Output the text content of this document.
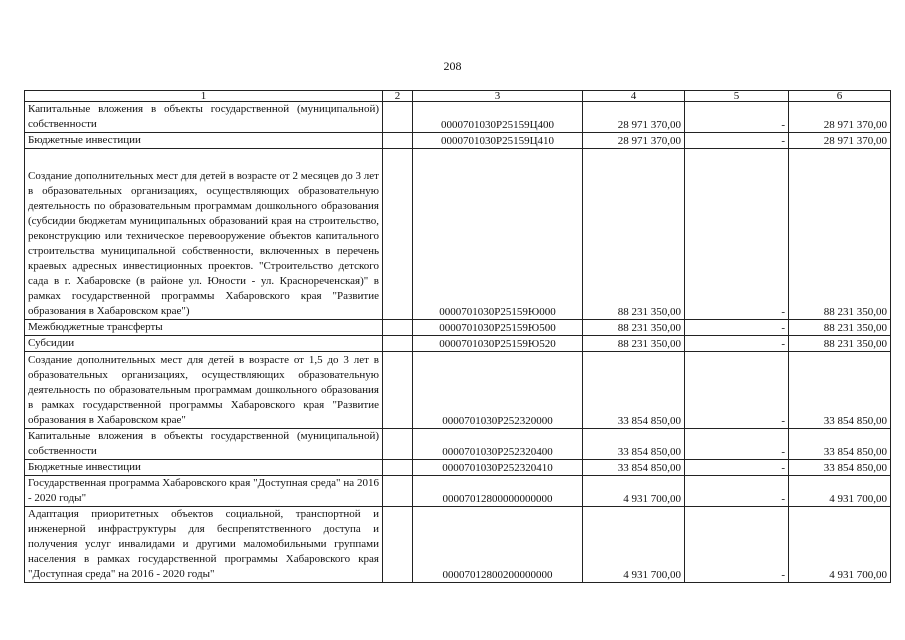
208
1	2	3	4	5	6
Капитальные вложения в объекты государственной (муниципальной) собственности		0000701030P25159Ц400	28 971 370,00	-	28 971 370,00
Бюджетные инвестиции		0000701030P25159Ц410	28 971 370,00	-	28 971 370,00
Создание дополнительных мест для детей в возрасте от 2 месяцев до 3 лет в образовательных организациях, осуществляющих образовательную деятельность по образовательным программам дошкольного образования (субсидии бюджетам муниципальных образований края на строительство, реконструкцию или техническое перевооружение объектов капитального строительства муниципальной собственности, включенных в перечень краевых адресных инвестиционных проектов. "Строительство детского сада в г. Хабаровске (в районе ул. Юности - ул. Краснореченская)" в рамках государственной программы Хабаровского края "Развитие образования в Хабаровском крае")		0000701030P25159Ю000	88 231 350,00	-	88 231 350,00
Межбюджетные трансферты		0000701030P25159Ю500	88 231 350,00	-	88 231 350,00
Субсидии		0000701030P25159Ю520	88 231 350,00	-	88 231 350,00
Создание дополнительных мест для детей в возрасте от 1,5 до 3 лет в образовательных организациях, осуществляющих образовательную деятельность по образовательным программам дошкольного образования в рамках государственной программы Хабаровского края "Развитие образования в Хабаровском крае"		0000701030P252320000	33 854 850,00	-	33 854 850,00
Капитальные вложения в объекты государственной (муниципальной) собственности		0000701030P252320400	33 854 850,00	-	33 854 850,00
Бюджетные инвестиции		0000701030P252320410	33 854 850,00	-	33 854 850,00
Государственная программа Хабаровского края "Доступная среда" на 2016 - 2020 годы"		00007012800000000000	4 931 700,00	-	4 931 700,00
Адаптация приоритетных объектов социальной, транспортной и инженерной инфраструктуры для беспрепятственного доступа и получения услуг инвалидами и другими маломобильными группами населения в рамках государственной программы Хабаровского края "Доступная среда" на 2016 - 2020 годы"		00007012800200000000	4 931 700,00	-	4 931 700,00
